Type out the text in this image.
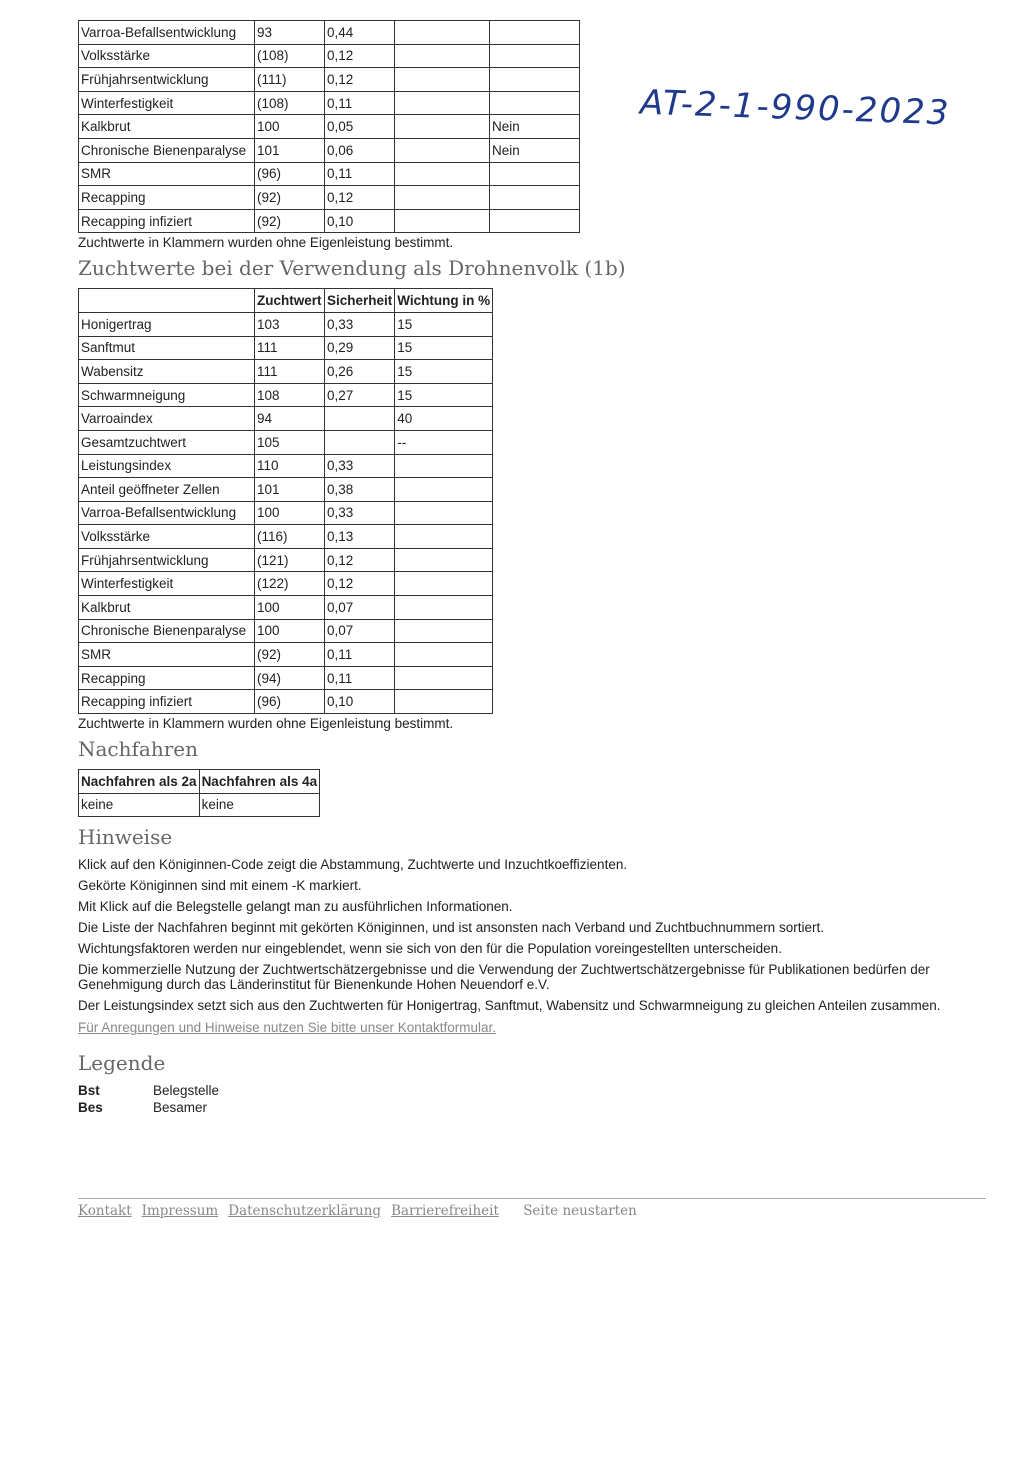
AT-2-1-990-2023
Varroa-Befallsentwicklung	93	0,44		
Volksstärke	(108)	0,12		
Frühjahrsentwicklung	(111)	0,12		
Winterfestigkeit	(108)	0,11		
Kalkbrut	100	0,05		Nein
Chronische Bienenparalyse	101	0,06		Nein
SMR	(96)	0,11		
Recapping	(92)	0,12		
Recapping infiziert	(92)	0,10		
Zuchtwerte in Klammern wurden ohne Eigenleistung bestimmt.
Zuchtwerte bei der Verwendung als Drohnenvolk (1b)
	Zuchtwert	Sicherheit	Wichtung in %
Honigertrag	103	0,33	15
Sanftmut	111	0,29	15
Wabensitz	111	0,26	15
Schwarmneigung	108	0,27	15
Varroaindex	94		40
Gesamtzuchtwert	105		--
Leistungsindex	110	0,33	
Anteil geöffneter Zellen	101	0,38	
Varroa-Befallsentwicklung	100	0,33	
Volksstärke	(116)	0,13	
Frühjahrsentwicklung	(121)	0,12	
Winterfestigkeit	(122)	0,12	
Kalkbrut	100	0,07	
Chronische Bienenparalyse	100	0,07	
SMR	(92)	0,11	
Recapping	(94)	0,11	
Recapping infiziert	(96)	0,10	
Zuchtwerte in Klammern wurden ohne Eigenleistung bestimmt.
Nachfahren
Nachfahren als 2a	Nachfahren als 4a
keine	keine
Hinweise
Klick auf den Königinnen-Code zeigt die Abstammung, Zuchtwerte und Inzuchtkoeffizienten.
Gekörte Königinnen sind mit einem -K markiert.
Mit Klick auf die Belegstelle gelangt man zu ausführlichen Informationen.
Die Liste der Nachfahren beginnt mit gekörten Königinnen, und ist ansonsten nach Verband und Zuchtbuchnummern sortiert.
Wichtungsfaktoren werden nur eingeblendet, wenn sie sich von den für die Population voreingestellten unterscheiden.
Die kommerzielle Nutzung der Zuchtwertschätzergebnisse und die Verwendung der Zuchtwertschätzergebnisse für Publikationen bedürfen der Genehmigung durch das Länderinstitut für Bienenkunde Hohen Neuendorf e.V.
Der Leistungsindex setzt sich aus den Zuchtwerten für Honigertrag, Sanftmut, Wabensitz und Schwarmneigung zu gleichen Anteilen zusammen.
Für Anregungen und Hinweise nutzen Sie bitte unser Kontaktformular.
Legende
Bst	Belegstelle
Bes	Besamer
Kontakt Impressum Datenschutzerklärung Barrierefreiheit Seite neustarten
